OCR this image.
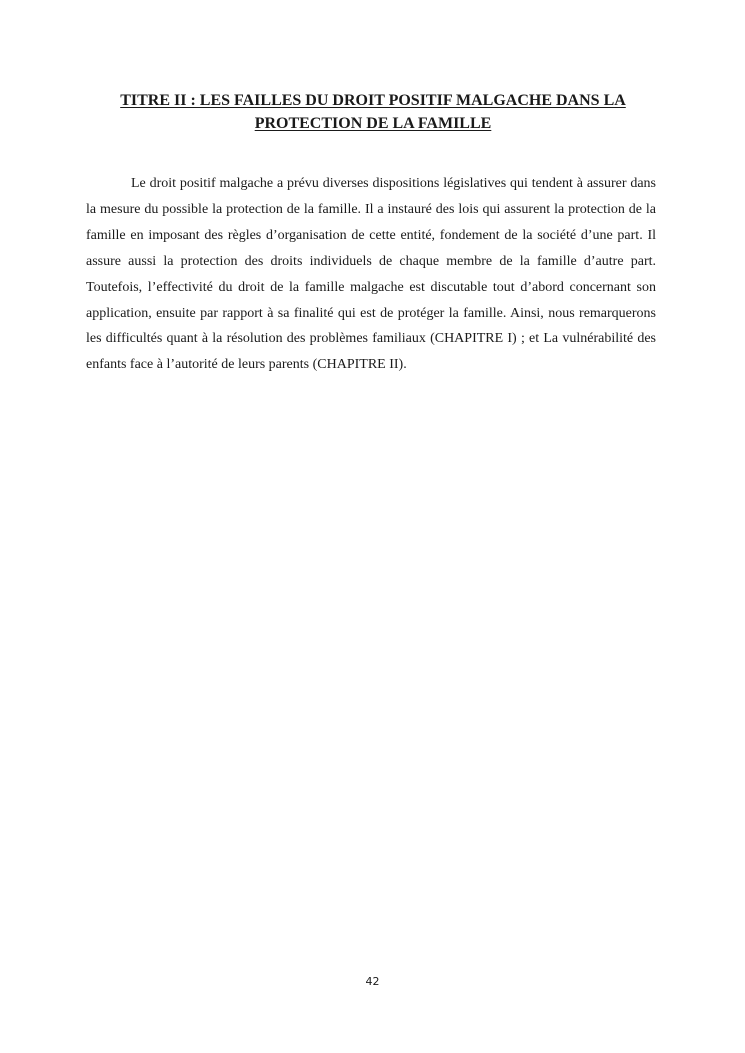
TITRE II : LES FAILLES DU DROIT POSITIF MALGACHE DANS LA
PROTECTION DE LA FAMILLE

Le droit positif malgache a prévu diverses dispositions législatives qui tendent à assurer dans la mesure du possible la protection de la famille. Il a instauré des lois qui assurent la protection de la famille en imposant des règles d’organisation de cette entité, fondement de la société d’une part. Il assure aussi la protection des droits individuels de chaque membre de la famille d’autre part. Toutefois, l’effectivité du droit de la famille malgache est discutable tout d’abord concernant son application, ensuite par rapport à sa finalité qui est de protéger la famille. Ainsi, nous remarquerons les difficultés quant à la résolution des problèmes familiaux (CHAPITRE I) ; et La vulnérabilité des enfants face à l’autorité de leurs parents (CHAPITRE II).

42
